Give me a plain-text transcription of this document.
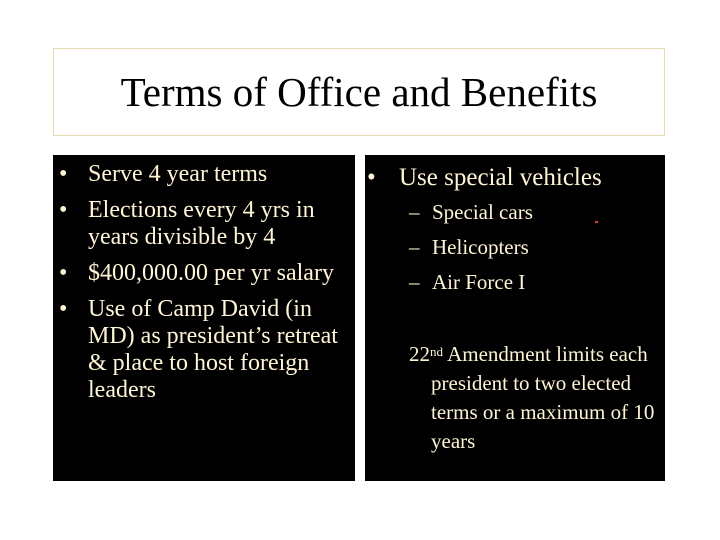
Terms of Office and Benefits
• Serve 4 year terms
• Elections every 4 yrs in years divisible by 4
• $400,000.00 per yr salary
• Use of Camp David (in MD) as president’s retreat & place to host foreign leaders
• Use special vehicles
– Special cars
– Helicopters
– Air Force I
22nd Amendment limits each president to two elected terms or a maximum of 10 years
